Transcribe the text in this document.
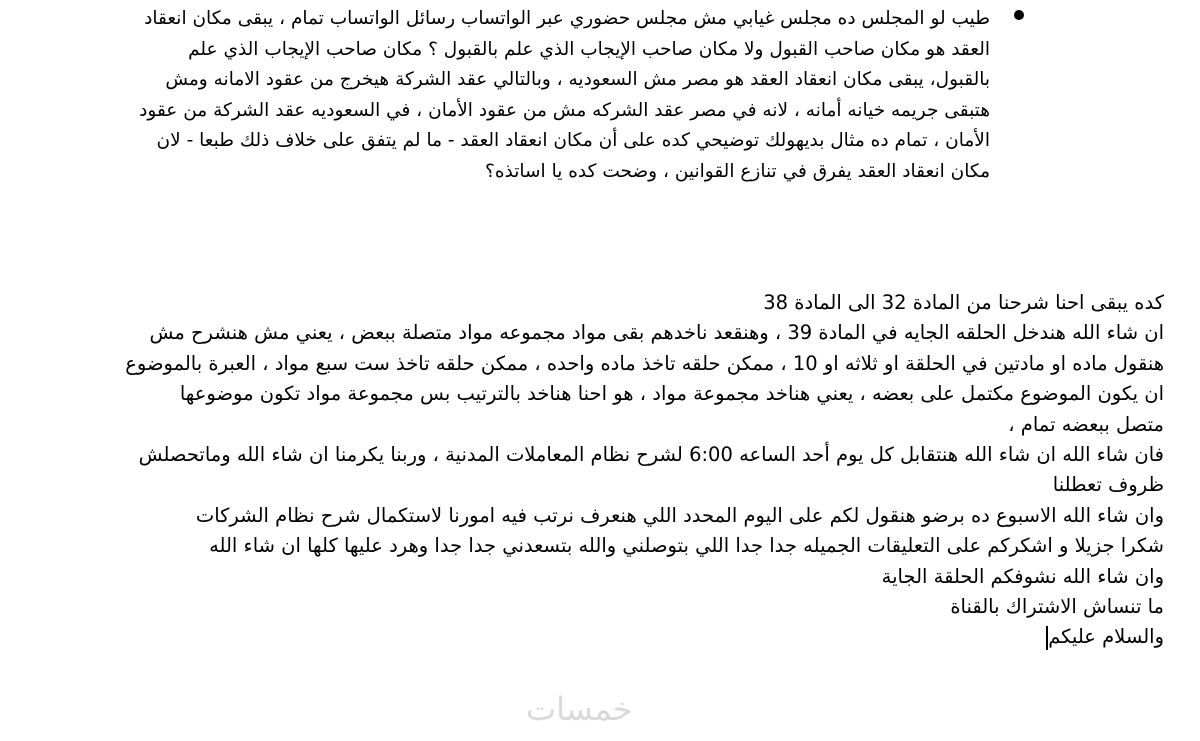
طيب لو المجلس ده مجلس غيابي مش مجلس حضوري عبر الواتساب رسائل الواتساب تمام ، يبقى مكان انعقاد
العقد هو مكان صاحب القبول ولا مكان صاحب الإيجاب الذي علم بالقبول ؟ مكان صاحب الإيجاب الذي علم
بالقبول، يبقى مكان انعقاد العقد هو مصر مش السعوديه ، وبالتالي عقد الشركة هيخرج من عقود الامانه ومش
هتبقى جريمه خيانه أمانه ، لانه في مصر عقد الشركه مش من عقود الأمان ، في السعوديه عقد الشركة من عقود
الأمان ، تمام ده مثال بديهولك توضيحي كده على أن مكان انعقاد العقد - ما لم يتفق على خلاف ذلك طبعا - لان
مكان انعقاد العقد يفرق في تنازع القوانين ، وضحت كده يا اساتذه؟
كده يبقى احنا شرحنا من المادة 32 الى المادة 38
ان شاء الله هندخل الحلقه الجايه في المادة 39 ، وهنقعد ناخدهم بقى مواد مجموعه مواد متصلة ببعض ، يعني مش هنشرح مش
هنقول ماده او مادتين في الحلقة او ثلاثه او 10 ، ممكن حلقه تاخذ ماده واحده ، ممكن حلقه تاخذ ست سبع مواد ، العبرة بالموضوع
ان يكون الموضوع مكتمل على بعضه ، يعني هناخد مجموعة مواد ، هو احنا هناخد بالترتيب بس مجموعة مواد تكون موضوعها
متصل ببعضه تمام ،
فان شاء الله ان شاء الله هنتقابل كل يوم أحد الساعه 6:00 لشرح نظام المعاملات المدنية ، وربنا يكرمنا ان شاء الله وماتحصلش
ظروف تعطلنا
وان شاء الله الاسبوع ده برضو هنقول لكم على اليوم المحدد اللي هنعرف نرتب فيه امورنا لاستكمال شرح نظام الشركات
شكرا جزيلا و اشكركم على التعليقات الجميله جدا جدا اللي بتوصلني والله بتسعدني جدا جدا وهرد عليها كلها ان شاء الله
وان شاء الله نشوفكم الحلقة الجاية
ما تنساش الاشتراك بالقناة
والسلام عليكم
خمسات
